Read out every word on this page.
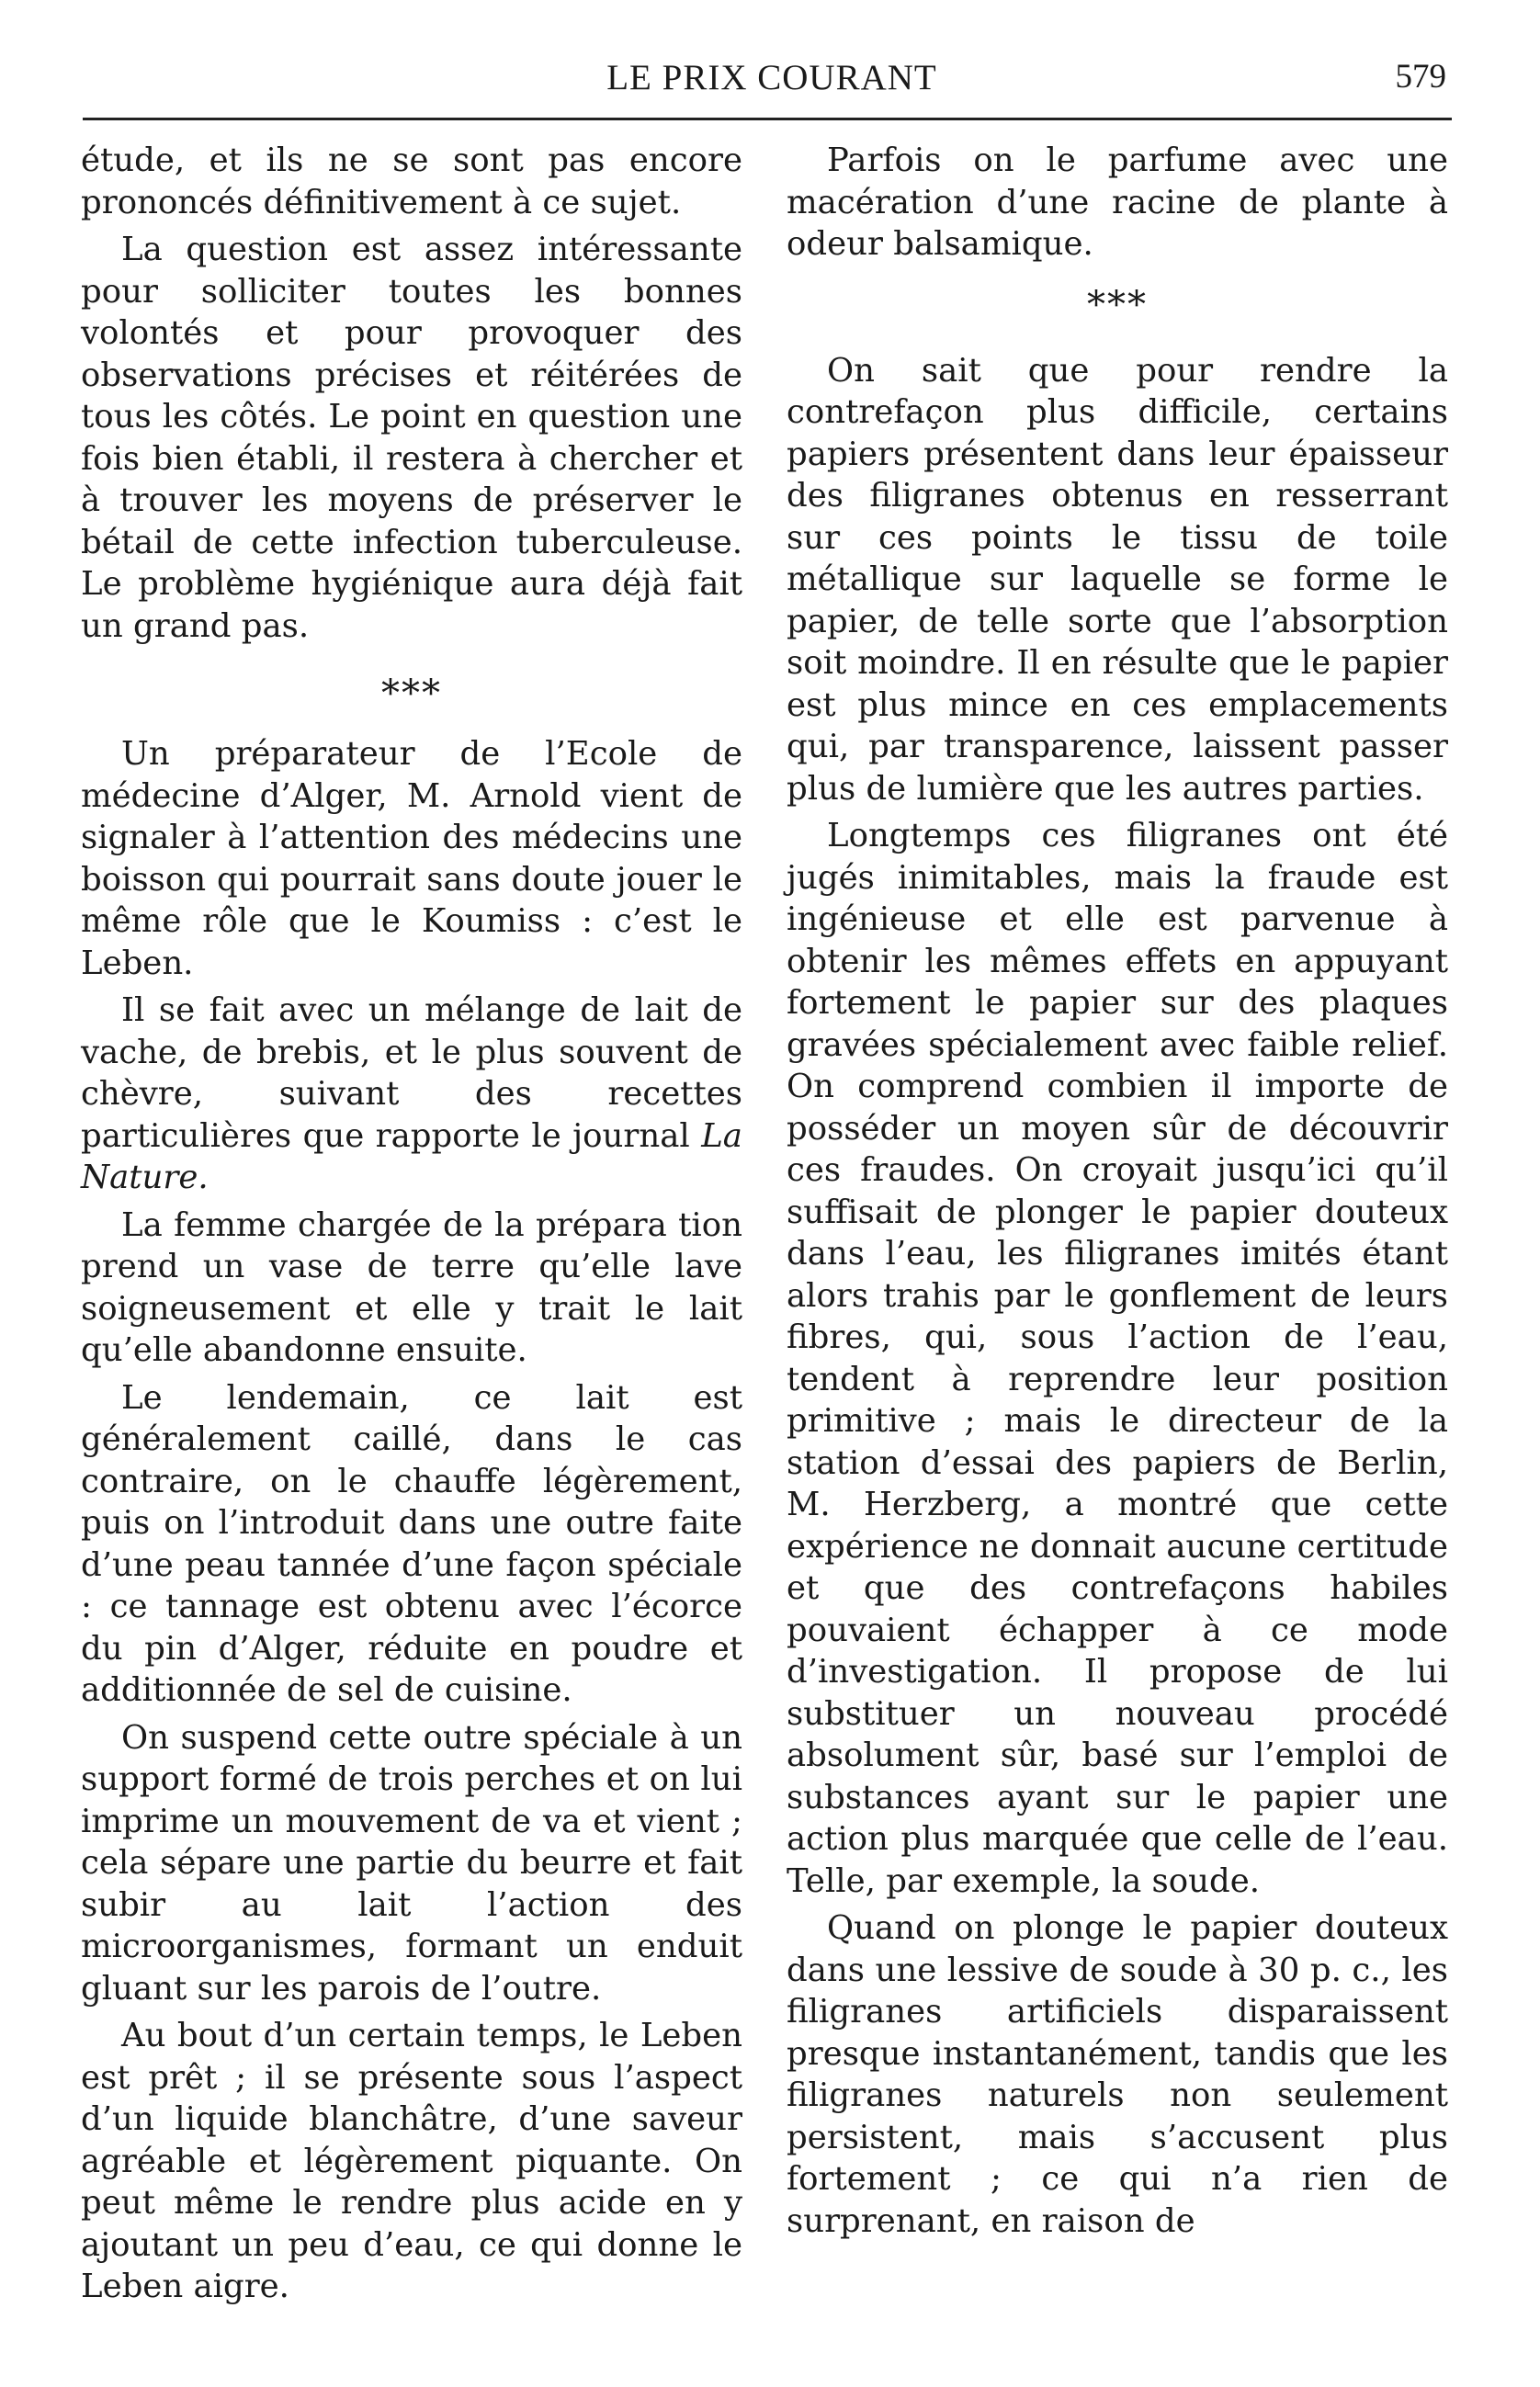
LE PRIX COURANT	579

étude, et ils ne se sont pas encore prononcés définitivement à ce sujet.

La question est assez intéressante pour solliciter toutes les bonnes volontés et pour provoquer des observations précises et réitérées de tous les côtés. Le point en question une fois bien établi, il restera à chercher et à trouver les moyens de préserver le bétail de cette infection tuberculeuse. Le problème hygiénique aura déjà fait un grand pas.

***

Un préparateur de l’Ecole de médecine d’Alger, M. Arnold vient de signaler à l’attention des médecins une boisson qui pourrait sans doute jouer le même rôle que le Koumiss : c’est le Leben.

Il se fait avec un mélange de lait de vache, de brebis, et le plus souvent de chèvre, suivant des recettes particulières que rapporte le journal La Nature.

La femme chargée de la prépara tion prend un vase de terre qu’elle lave soigneusement et elle y trait le lait qu’elle abandonne ensuite.

Le lendemain, ce lait est généralement caillé, dans le cas contraire, on le chauffe légèrement, puis on l’introduit dans une outre faite d’une peau tannée d’une façon spéciale : ce tannage est obtenu avec l’écorce du pin d’Alger, réduite en poudre et additionnée de sel de cuisine.

On suspend cette outre spéciale à un support formé de trois perches et on lui imprime un mouvement de va et vient ; cela sépare une partie du beurre et fait subir au lait l’action des microorganismes, formant un enduit gluant sur les parois de l’outre.

Au bout d’un certain temps, le Leben est prêt ; il se présente sous l’aspect d’un liquide blanchâtre, d’une saveur agréable et légèrement piquante. On peut même le rendre plus acide en y ajoutant un peu d’eau, ce qui donne le Leben aigre.

Parfois on le parfume avec une macération d’une racine de plante à odeur balsamique.

***

On sait que pour rendre la contrefaçon plus difficile, certains papiers présentent dans leur épaisseur des filigranes obtenus en resserrant sur ces points le tissu de toile métallique sur laquelle se forme le papier, de telle sorte que l’absorption soit moindre. Il en résulte que le papier est plus mince en ces emplacements qui, par transparence, laissent passer plus de lumière que les autres parties.

Longtemps ces filigranes ont été jugés inimitables, mais la fraude est ingénieuse et elle est parvenue à obtenir les mêmes effets en appuyant fortement le papier sur des plaques gravées spécialement avec faible relief. On comprend combien il importe de posséder un moyen sûr de découvrir ces fraudes. On croyait jusqu’ici qu’il suffisait de plonger le papier douteux dans l’eau, les filigranes imités étant alors trahis par le gonflement de leurs fibres, qui, sous l’action de l’eau, tendent à reprendre leur position primitive ; mais le directeur de la station d’essai des papiers de Berlin, M. Herzberg, a montré que cette expérience ne donnait aucune certitude et que des contrefaçons habiles pouvaient échapper à ce mode d’investigation. Il propose de lui substituer un nouveau procédé absolument sûr, basé sur l’emploi de substances ayant sur le papier une action plus marquée que celle de l’eau. Telle, par exemple, la soude.

Quand on plonge le papier douteux dans une lessive de soude à 30 p. c., les filigranes artificiels disparaissent presque instantanément, tandis que les filigranes naturels non seulement persistent, mais s’accusent plus fortement ; ce qui n’a rien de surprenant, en raison de
